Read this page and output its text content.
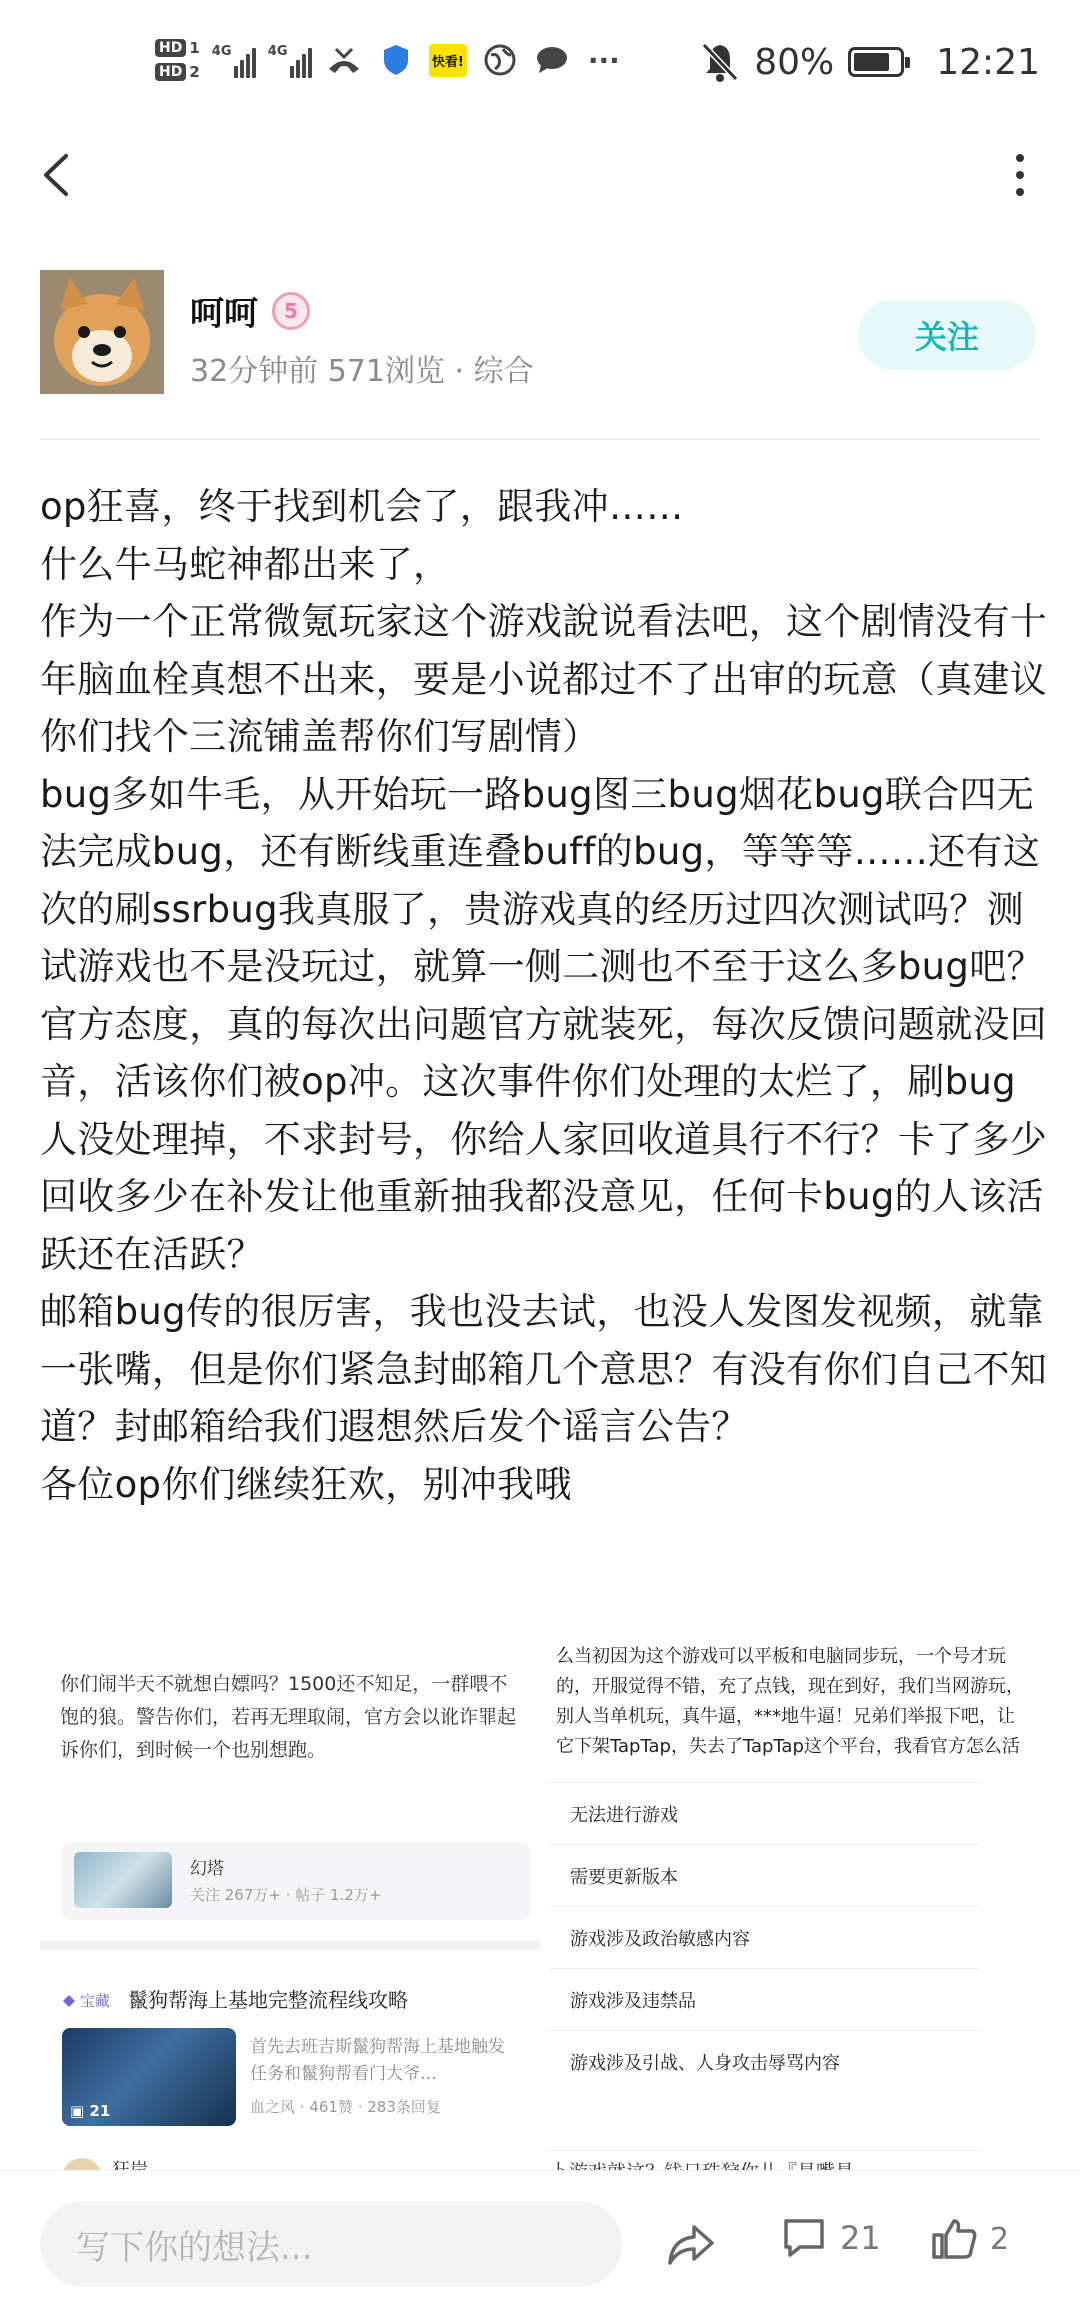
HD 1
HD 2
4G	4G
快看!	···	80%	12:21
呵呵	5
32分钟前 571浏览 · 综合
关注

op狂喜，终于找到机会了，跟我冲……

什么牛马蛇神都出来了，

作为一个正常微氪玩家这个游戏說说看法吧，这个剧情没有十年脑血栓真想不出来，要是小说都过不了出审的玩意（真建议你们找个三流铺盖帮你们写剧情）

bug多如牛毛，从开始玩一路bug图三bug烟花bug联合四无法完成bug，还有断线重连叠buff的bug，等等等……还有这次的刷ssrbug我真服了，贵游戏真的经历过四次测试吗？测试游戏也不是没玩过，就算一侧二测也不至于这么多bug吧？

官方态度，真的每次出问题官方就装死，每次反馈问题就没回音，活该你们被op冲。这次事件你们处理的太烂了，刷bug人没处理掉，不求封号，你给人家回收道具行不行？卡了多少回收多少在补发让他重新抽我都没意见，任何卡bug的人该活跃还在活跃？

邮箱bug传的很厉害，我也没去试，也没人发图发视频，就靠一张嘴，但是你们紧急封邮箱几个意思？有没有你们自己不知道？封邮箱给我们遐想然后发个谣言公告？

各位op你们继续狂欢，别冲我哦

你们闹半天不就想白嫖吗？1500还不知足，一群喂不饱的狼。警告你们，若再无理取闹，官方会以讹诈罪起诉你们，到时候一个也别想跑。
幻塔
关注 267万+ · 帖子 1.2万+
宝藏 鬣狗帮海上基地完整流程线攻略
▣ 21
首先去班吉斯鬣狗帮海上基地触发任务和鬣狗帮看门大爷…
血之风 · 461赞 · 283条回复
么当初因为这个游戏可以平板和电脑同步玩，一个号才玩的，开服觉得不错，充了点钱，现在到好，我们当网游玩，别人当单机玩，真牛逼，***地牛逼！兄弟们举报下吧，让它下架TapTap，失去了TapTap这个平台，我看官方怎么活
无法进行游戏
需要更新版本
游戏涉及政治敏感内容
游戏涉及违禁品
游戏涉及引战、人身攻击辱骂内容
写下你的想法...	21	2
